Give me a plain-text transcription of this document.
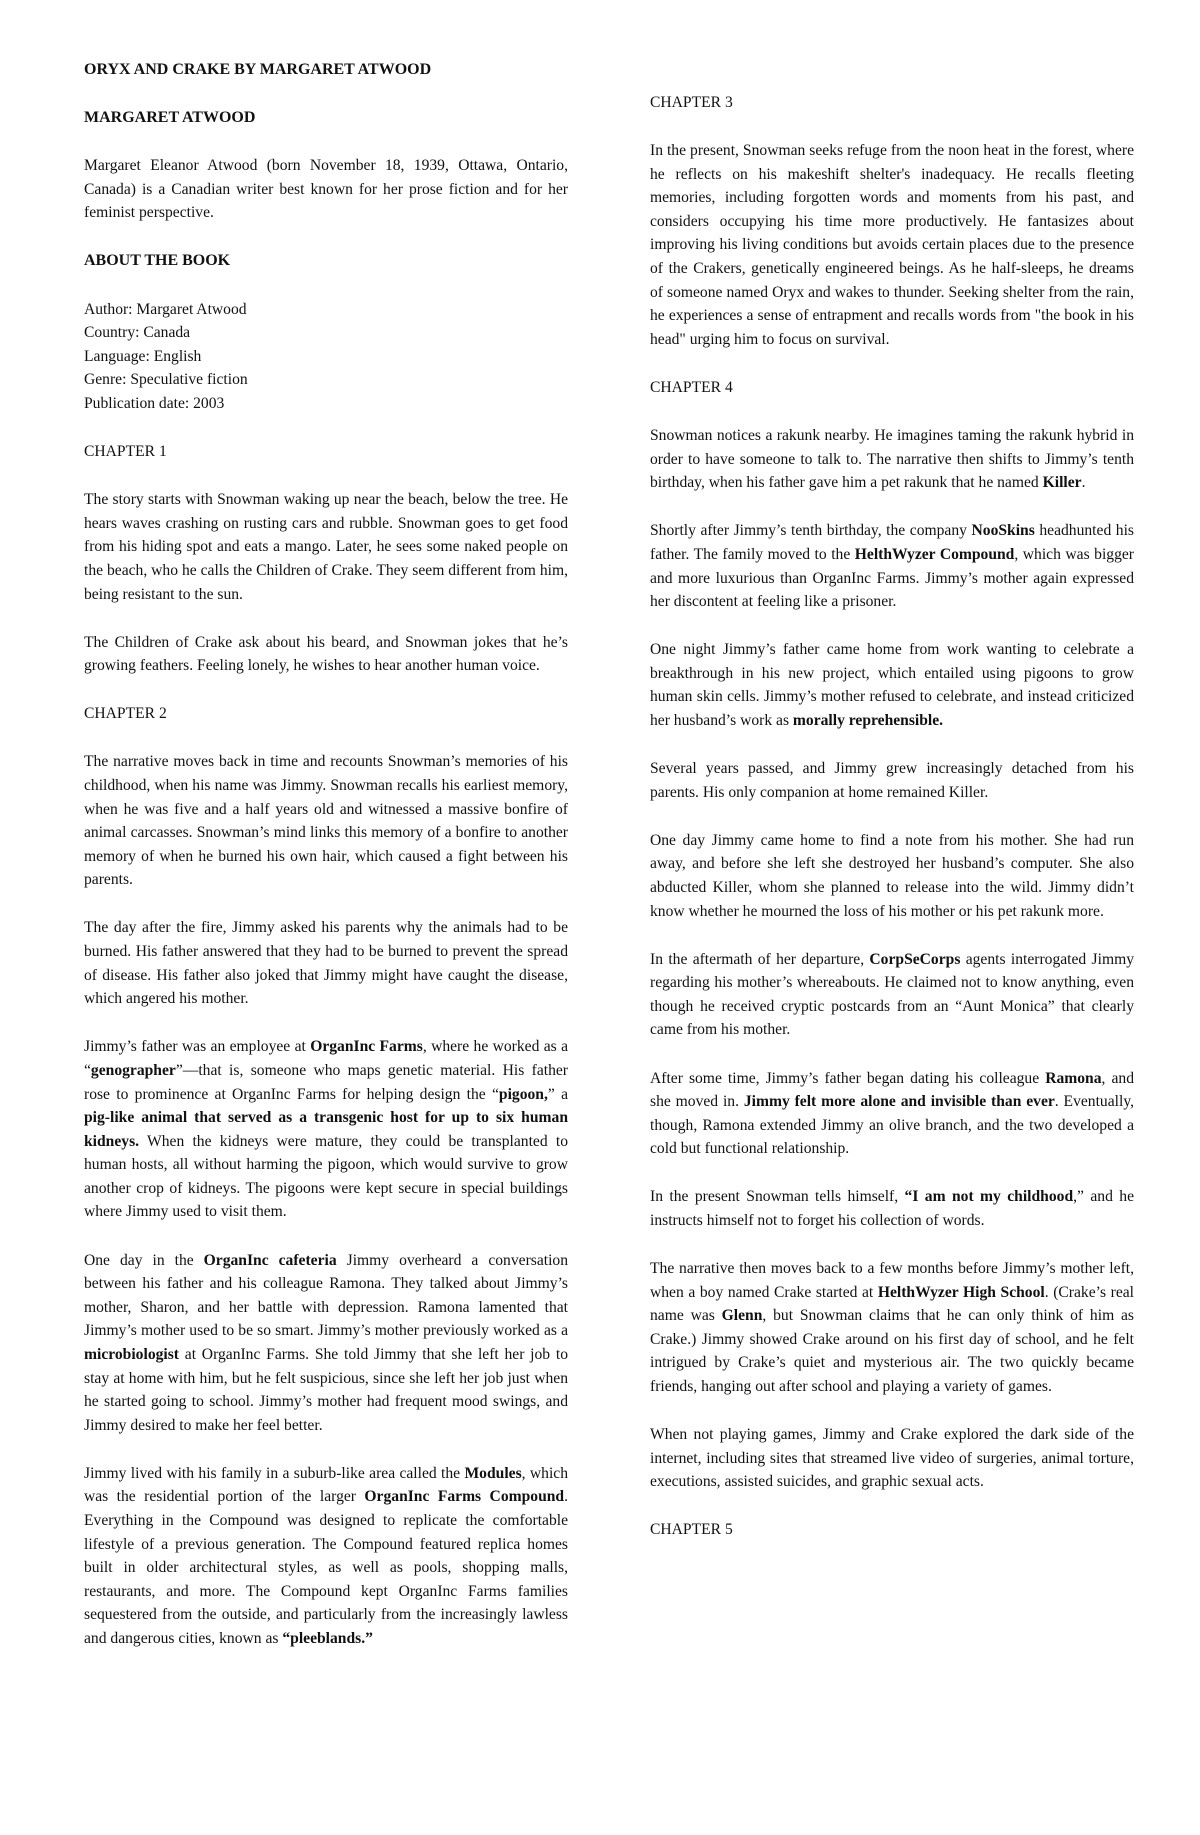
ORYX AND CRAKE BY MARGARET ATWOOD
MARGARET ATWOOD

Margaret Eleanor Atwood (born November 18, 1939, Ottawa, Ontario, Canada) is a Canadian writer best known for her prose fiction and for her feminist perspective.

ABOUT THE BOOK

Author: Margaret Atwood

Country: Canada

Language: English

Genre: Speculative fiction

Publication date: 2003

CHAPTER 1

The story starts with Snowman waking up near the beach, below the tree. He hears waves crashing on rusting cars and rubble. Snowman goes to get food from his hiding spot and eats a mango. Later, he sees some naked people on the beach, who he calls the Children of Crake. They seem different from him, being resistant to the sun.

The Children of Crake ask about his beard, and Snowman jokes that he’s growing feathers. Feeling lonely, he wishes to hear another human voice.

CHAPTER 2

The narrative moves back in time and recounts Snowman’s memories of his childhood, when his name was Jimmy. Snowman recalls his earliest memory, when he was five and a half years old and witnessed a massive bonfire of animal carcasses. Snowman’s mind links this memory of a bonfire to another memory of when he burned his own hair, which caused a fight between his parents.

The day after the fire, Jimmy asked his parents why the animals had to be burned. His father answered that they had to be burned to prevent the spread of disease. His father also joked that Jimmy might have caught the disease, which angered his mother.

Jimmy’s father was an employee at OrganInc Farms, where he worked as a “genographer”—that is, someone who maps genetic material. His father rose to prominence at OrganInc Farms for helping design the “pigoon,” a pig-like animal that served as a transgenic host for up to six human kidneys. When the kidneys were mature, they could be transplanted to human hosts, all without harming the pigoon, which would survive to grow another crop of kidneys. The pigoons were kept secure in special buildings where Jimmy used to visit them.

One day in the OrganInc cafeteria Jimmy overheard a conversation between his father and his colleague Ramona. They talked about Jimmy’s mother, Sharon, and her battle with depression. Ramona lamented that Jimmy’s mother used to be so smart. Jimmy’s mother previously worked as a microbiologist at OrganInc Farms. She told Jimmy that she left her job to stay at home with him, but he felt suspicious, since she left her job just when he started going to school. Jimmy’s mother had frequent mood swings, and Jimmy desired to make her feel better.

Jimmy lived with his family in a suburb-like area called the Modules, which was the residential portion of the larger OrganInc Farms Compound. Everything in the Compound was designed to replicate the comfortable lifestyle of a previous generation. The Compound featured replica homes built in older architectural styles, as well as pools, shopping malls, restaurants, and more. The Compound kept OrganInc Farms families sequestered from the outside, and particularly from the increasingly lawless and dangerous cities, known as “pleeblands.”

CHAPTER 3

In the present, Snowman seeks refuge from the noon heat in the forest, where he reflects on his makeshift shelter's inadequacy. He recalls fleeting memories, including forgotten words and moments from his past, and considers occupying his time more productively. He fantasizes about improving his living conditions but avoids certain places due to the presence of the Crakers, genetically engineered beings. As he half-sleeps, he dreams of someone named Oryx and wakes to thunder. Seeking shelter from the rain, he experiences a sense of entrapment and recalls words from "the book in his head" urging him to focus on survival.

CHAPTER 4

Snowman notices a rakunk nearby. He imagines taming the rakunk hybrid in order to have someone to talk to. The narrative then shifts to Jimmy’s tenth birthday, when his father gave him a pet rakunk that he named Killer.

Shortly after Jimmy’s tenth birthday, the company NooSkins headhunted his father. The family moved to the HelthWyzer Compound, which was bigger and more luxurious than OrganInc Farms. Jimmy’s mother again expressed her discontent at feeling like a prisoner.

One night Jimmy’s father came home from work wanting to celebrate a breakthrough in his new project, which entailed using pigoons to grow human skin cells. Jimmy’s mother refused to celebrate, and instead criticized her husband’s work as morally reprehensible.

Several years passed, and Jimmy grew increasingly detached from his parents. His only companion at home remained Killer.

One day Jimmy came home to find a note from his mother. She had run away, and before she left she destroyed her husband’s computer. She also abducted Killer, whom she planned to release into the wild. Jimmy didn’t know whether he mourned the loss of his mother or his pet rakunk more.

In the aftermath of her departure, CorpSeCorps agents interrogated Jimmy regarding his mother’s whereabouts. He claimed not to know anything, even though he received cryptic postcards from an “Aunt Monica” that clearly came from his mother.

After some time, Jimmy’s father began dating his colleague Ramona, and she moved in. Jimmy felt more alone and invisible than ever. Eventually, though, Ramona extended Jimmy an olive branch, and the two developed a cold but functional relationship.

In the present Snowman tells himself, “I am not my childhood,” and he instructs himself not to forget his collection of words.

The narrative then moves back to a few months before Jimmy’s mother left, when a boy named Crake started at HelthWyzer High School. (Crake’s real name was Glenn, but Snowman claims that he can only think of him as Crake.) Jimmy showed Crake around on his first day of school, and he felt intrigued by Crake’s quiet and mysterious air. The two quickly became friends, hanging out after school and playing a variety of games.

When not playing games, Jimmy and Crake explored the dark side of the internet, including sites that streamed live video of surgeries, animal torture, executions, assisted suicides, and graphic sexual acts.

CHAPTER 5
